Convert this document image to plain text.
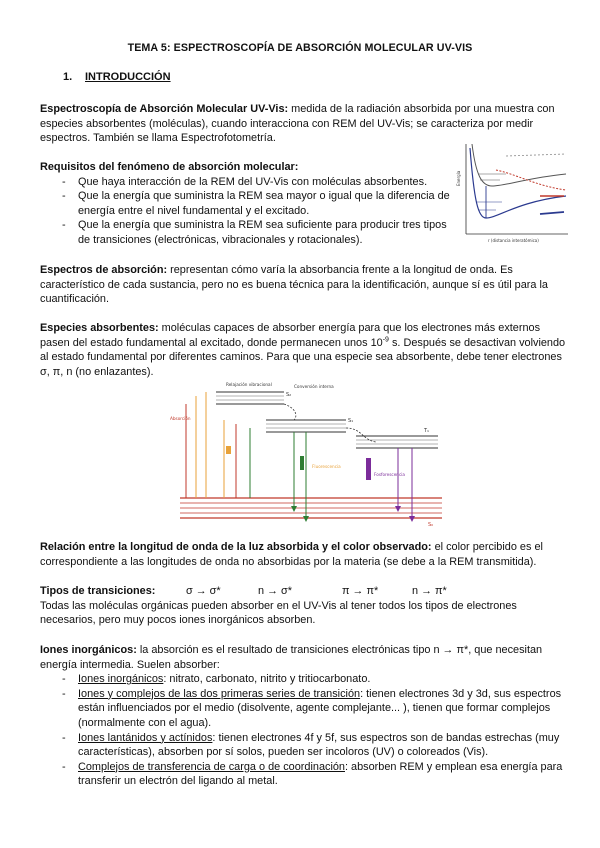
TEMA 5: ESPECTROSCOPÍA DE ABSORCIÓN MOLECULAR UV-VIS
1. INTRODUCCIÓN
Espectroscopía de Absorción Molecular UV-Vis: medida de la radiación absorbida por una muestra con especies absorbentes (moléculas), cuando interacciona con REM del UV-Vis; se caracteriza por medir espectros. También se llama Espectrofotometría.
Requisitos del fenómeno de absorción molecular:
- Que haya interacción de la REM del UV-Vis con moléculas absorbentes.
- Que la energía que suministra la REM sea mayor o igual que la diferencia de energía entre el nivel fundamental y el excitado.
- Que la energía que suministra la REM sea suficiente para producir tres tipos de transiciones (electrónicas, vibracionales y rotacionales).
Energía
r (distancia interatómica)
Espectros de absorción: representan cómo varía la absorbancia frente a la longitud de onda. Es característico de cada sustancia, pero no es buena técnica para la identificación, aunque sí es útil para la cuantificación.
Especies absorbentes: moléculas capaces de absorber energía para que los electrones más externos pasen del estado fundamental al excitado, donde permanecen unos $10^{-9}$ s. Después se desactivan volviendo al estado fundamental por diferentes caminos. Para que una especie sea absorbente, debe tener electrones σ, π, n (no enlazantes).
Absorción
Relajación vibracional	Conversión interna
S₂
S₁
T₁
Fluorescencia
Fosforescencia
S₀
Relación entre la longitud de onda de la luz absorbida y el color observado: el color percibido es el correspondiente a las longitudes de onda no absorbidas por la materia (se debe a la REM transmitida).
Tipos de transiciones:	σ → σ*	n → σ*	π → π*	n → π*
Todas las moléculas orgánicas pueden absorber en el UV-Vis al tener todos los tipos de electrones necesarios, pero muy pocos iones inorgánicos absorben.
Iones inorgánicos: la absorción es el resultado de transiciones electrónicas tipo n → π*, que necesitan energía intermedia. Suelen absorber:
- Iones inorgánicos: nitrato, carbonato, nitrito y tritiocarbonato.
- Iones y complejos de las dos primeras series de transición: tienen electrones 3d y 3d, sus espectros están influenciados por el medio (disolvente, agente complejante... ), tienen que formar complejos (normalmente con el agua).
- Iones lantánidos y actínidos: tienen electrones 4f y 5f, sus espectros son de bandas estrechas (muy características), absorben por sí solos, pueden ser incoloros (UV) o coloreados (Vis).
- Complejos de transferencia de carga o de coordinación: absorben REM y emplean esa energía para transferir un electrón del ligando al metal.
